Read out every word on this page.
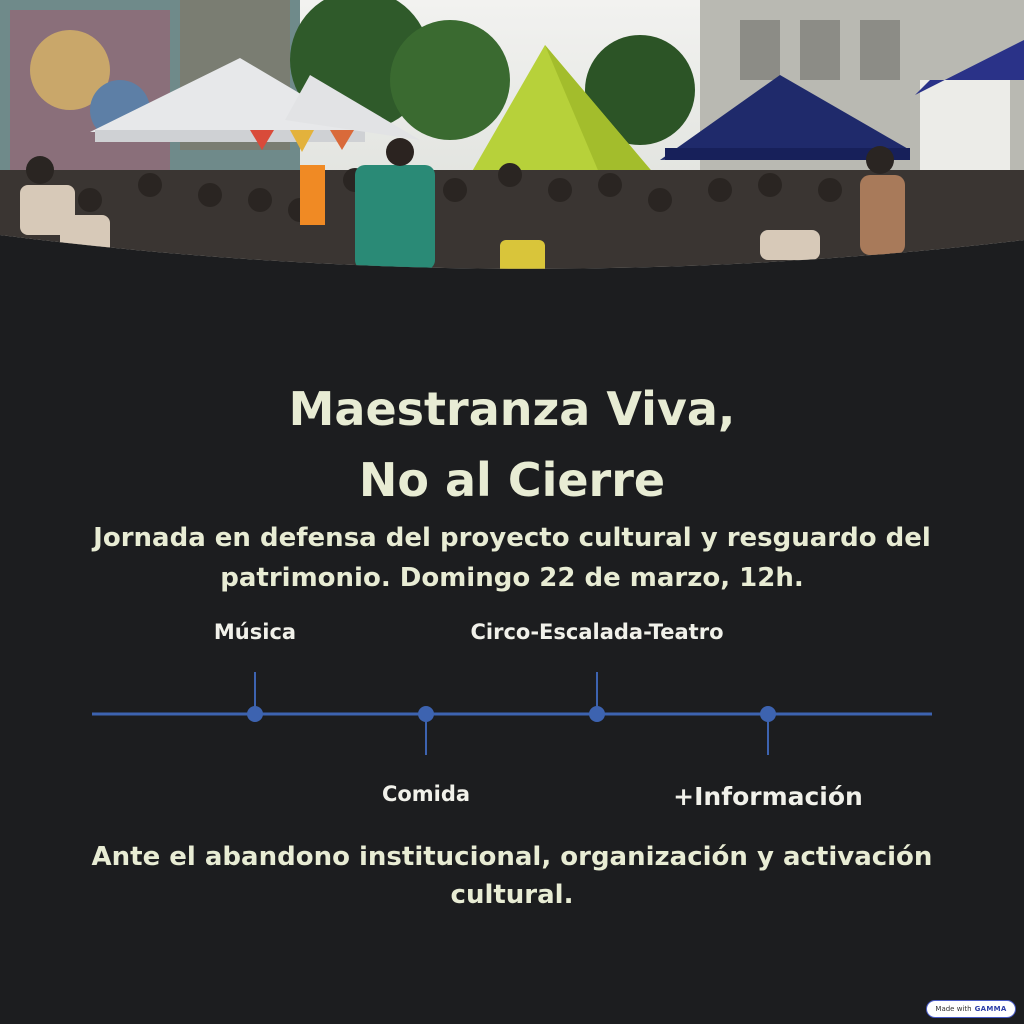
Maestranza Viva,
No al Cierre

Jornada en defensa del proyecto cultural y resguardo del patrimonio. Domingo 22 de marzo, 12h.

Música
Comida
Circo-Escalada-Teatro
+Información

Ante el abandono institucional, organización y activación cultural.

Made with GAMMA
